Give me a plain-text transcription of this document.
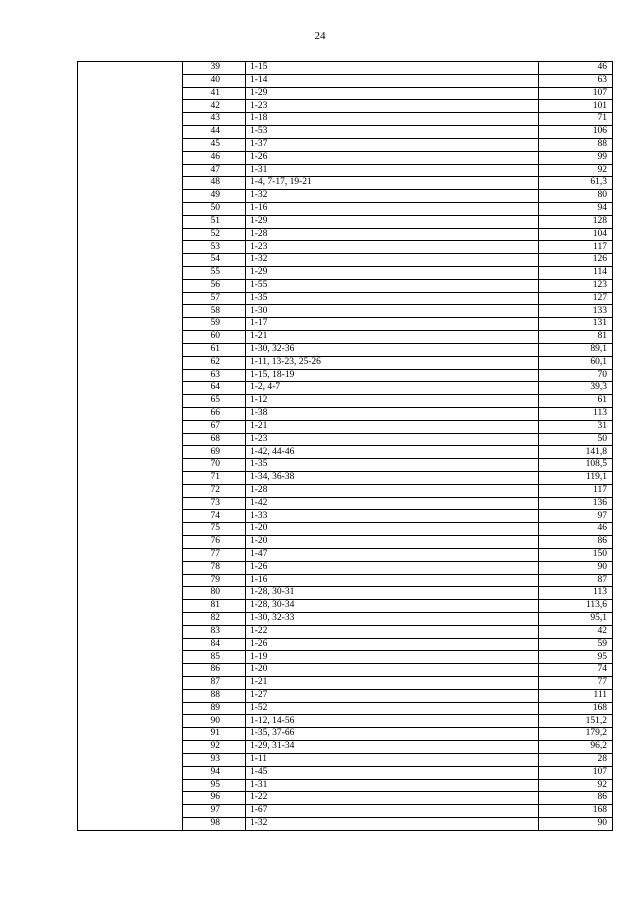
24
	39	1-15	46
	40	1-14	63
	41	1-29	107
	42	1-23	101
	43	1-18	71
	44	1-53	106
	45	1-37	88
	46	1-26	99
	47	1-31	92
	48	1-4, 7-17, 19-21	61,3
	49	1-32	80
	50	1-16	94
	51	1-29	128
	52	1-28	104
	53	1-23	117
	54	1-32	126
	55	1-29	114
	56	1-55	123
	57	1-35	127
	58	1-30	133
	59	1-17	131
	60	1-21	81
	61	1-30, 32-36	89,1
	62	1-11, 13-23, 25-26	60,1
	63	1-15, 18-19	70
	64	1-2, 4-7	39,3
	65	1-12	61
	66	1-38	113
	67	1-21	31
	68	1-23	50
	69	1-42, 44-46	141,8
	70	1-35	108,5
	71	1-34, 36-38	119,1
	72	1-28	117
	73	1-42	136
	74	1-33	97
	75	1-20	46
	76	1-20	86
	77	1-47	150
	78	1-26	90
	79	1-16	87
	80	1-28, 30-31	113
	81	1-28, 30-34	113,6
	82	1-30, 32-33	95,1
	83	1-22	42
	84	1-26	59
	85	1-19	95
	86	1-20	74
	87	1-21	77
	88	1-27	111
	89	1-52	168
	90	1-12, 14-56	151,2
	91	1-35, 37-66	179,2
	92	1-29, 31-34	96,2
	93	1-11	28
	94	1-45	107
	95	1-31	92
	96	1-22	86
	97	1-67	168
	98	1-32	90
